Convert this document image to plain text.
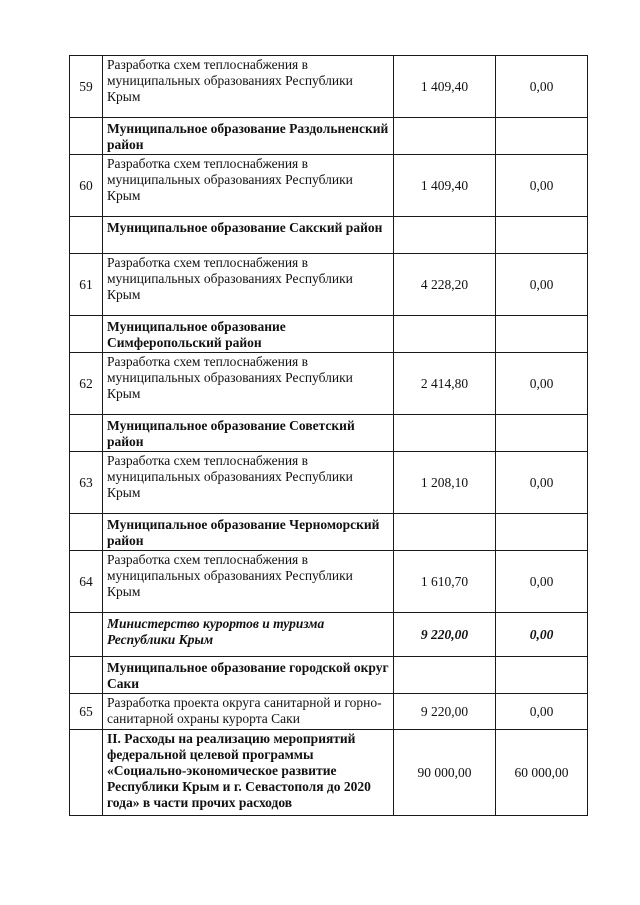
59	Разработка схем теплоснабжения в муниципальных образованиях Республики Крым	1 409,40	0,00
	Муниципальное образование Раздольненский район		
60	Разработка схем теплоснабжения в муниципальных образованиях Республики Крым	1 409,40	0,00
	Муниципальное образование Сакский район		
61	Разработка схем теплоснабжения в муниципальных образованиях Республики Крым	4 228,20	0,00
	Муниципальное образование Симферопольский район		
62	Разработка схем теплоснабжения в муниципальных образованиях Республики Крым	2 414,80	0,00
	Муниципальное образование Советский район		
63	Разработка схем теплоснабжения в муниципальных образованиях Республики Крым	1 208,10	0,00
	Муниципальное образование Черноморский район		
64	Разработка схем теплоснабжения в муниципальных образованиях Республики Крым	1 610,70	0,00
	Министерство курортов и туризма Республики Крым	9 220,00	0,00
	Муниципальное образование городской округ Саки		
65	Разработка проекта округа санитарной и горно-санитарной охраны курорта Саки	9 220,00	0,00
	II. Расходы на реализацию мероприятий федеральной целевой программы «Социально-экономическое развитие Республики Крым и г. Севастополя до 2020 года» в части прочих расходов	90 000,00	60 000,00
